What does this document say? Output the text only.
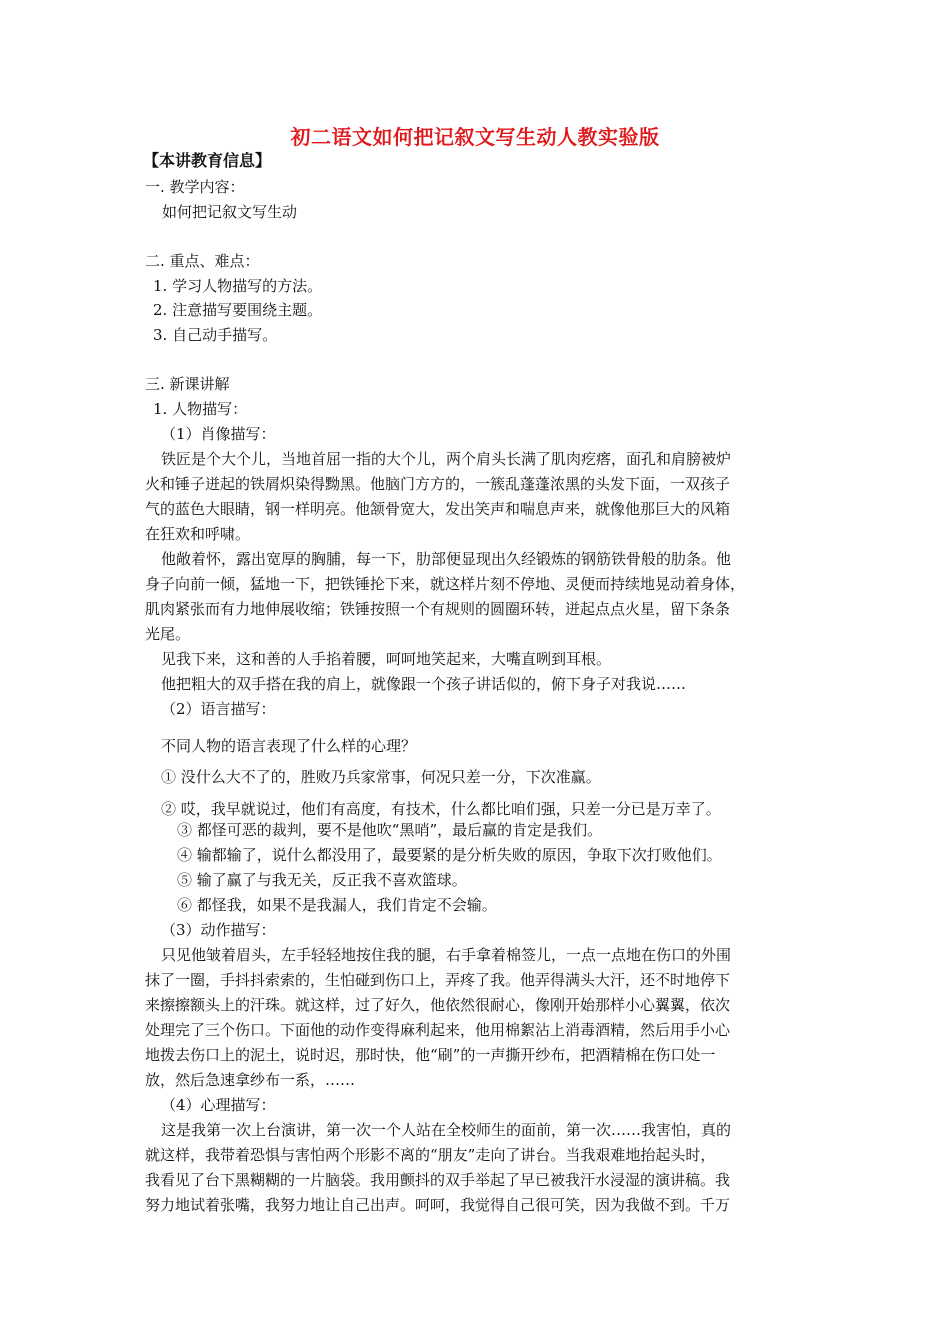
初二语文如何把记叙文写生动人教实验版
【本讲教育信息】
一. 教学内容：
如何把记叙文写生动
二. 重点、难点：
1. 学习人物描写的方法。
2. 注意描写要围绕主题。
3. 自己动手描写。
三. 新课讲解
1. 人物描写：
（1）肖像描写：
铁匠是个大个儿，当地首屈一指的大个儿，两个肩头长满了肌肉疙瘩，面孔和肩膀被炉
火和锤子迸起的铁屑炽染得黝黑。他脑门方方的，一簇乱蓬蓬浓黑的头发下面，一双孩子
气的蓝色大眼睛，钢一样明亮。他颔骨宽大，发出笑声和喘息声来，就像他那巨大的风箱
在狂欢和呼啸。
他敞着怀，露出宽厚的胸脯，每一下，肋部便显现出久经锻炼的钢筋铁骨般的肋条。他
身子向前一倾，猛地一下，把铁锤抡下来，就这样片刻不停地、灵便而持续地晃动着身体，
肌肉紧张而有力地伸展收缩；铁锤按照一个有规则的圆圈环转，迸起点点火星，留下条条
光尾。
见我下来，这和善的人手掐着腰，呵呵地笑起来，大嘴直咧到耳根。
他把粗大的双手搭在我的肩上，就像跟一个孩子讲话似的，俯下身子对我说……
（2）语言描写：
不同人物的语言表现了什么样的心理？
① 没什么大不了的，胜败乃兵家常事，何况只差一分，下次准赢。
② 哎，我早就说过，他们有高度，有技术，什么都比咱们强，只差一分已是万幸了。
③ 都怪可恶的裁判，要不是他吹“黑哨”，最后赢的肯定是我们。
④ 输都输了，说什么都没用了，最要紧的是分析失败的原因，争取下次打败他们。
⑤ 输了赢了与我无关，反正我不喜欢篮球。
⑥ 都怪我，如果不是我漏人，我们肯定不会输。
（3）动作描写：
只见他皱着眉头，左手轻轻地按住我的腿，右手拿着棉签儿，一点一点地在伤口的外围
抹了一圈，手抖抖索索的，生怕碰到伤口上，弄疼了我。他弄得满头大汗，还不时地停下
来擦擦额头上的汗珠。就这样，过了好久，他依然很耐心，像刚开始那样小心翼翼，依次
处理完了三个伤口。下面他的动作变得麻利起来，他用棉絮沾上消毒酒精，然后用手小心
地拨去伤口上的泥土，说时迟，那时快，他“刷”的一声撕开纱布，把酒精棉在伤口处一
放，然后急速拿纱布一系，……
（4）心理描写：
这是我第一次上台演讲，第一次一个人站在全校师生的面前，第一次……我害怕，真的
就这样，我带着恐惧与害怕两个形影不离的“朋友”走向了讲台。当我艰难地抬起头时，
我看见了台下黑糊糊的一片脑袋。我用颤抖的双手举起了早已被我汗水浸湿的演讲稿。我
努力地试着张嘴，我努力地让自己出声。呵呵，我觉得自己很可笑，因为我做不到。千万
